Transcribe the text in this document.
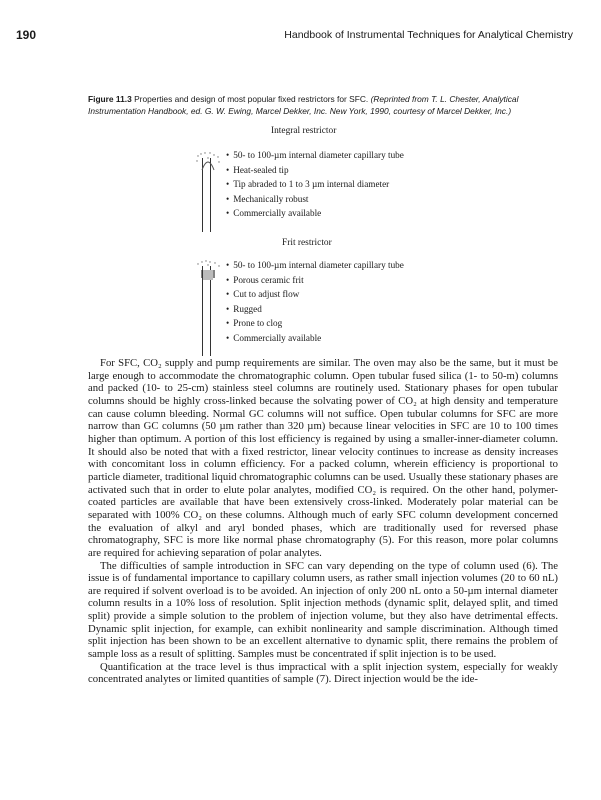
190	Handbook of Instrumental Techniques for Analytical Chemistry
Figure 11.3 Properties and design of most popular fixed restrictors for SFC. (Reprinted from T. L. Chester, Analytical Instrumentation Handbook, ed. G. W. Ewing, Marcel Dekker, Inc. New York, 1990, courtesy of Marcel Dekker, Inc.)
Integral restrictor
• 50- to 100-µm internal diameter capillary tube
• Heat-sealed tip
• Tip abraded to 1 to 3 µm internal diameter
• Mechanically robust
• Commercially available
Frit restrictor
• 50- to 100-µm internal diameter capillary tube
• Porous ceramic frit
• Cut to adjust flow
• Rugged
• Prone to clog
• Commercially available

For SFC, CO₂ supply and pump requirements are similar. The oven may also be the same, but it must be large enough to accommodate the chromatographic column. Open tubular fused silica (1- to 50-m) columns and packed (10- to 25-cm) stainless steel columns are routinely used. Stationary phases for open tubular columns should be highly cross-linked because the solvating power of CO₂ at high density and temperature can cause column bleeding. Normal GC columns will not suffice. Open tubular columns for SFC are more narrow than GC columns (50 µm rather than 320 µm) because linear velocities in SFC are 10 to 100 times higher than optimum. A portion of this lost efficiency is regained by using a smaller-inner-diameter column. It should also be noted that with a fixed restrictor, linear velocity continues to increase as density increases with concomitant loss in column efficiency. For a packed column, wherein efficiency is proportional to particle diameter, traditional liquid chromatographic columns can be used. Usually these stationary phases are activated such that in order to elute polar analytes, modified CO₂ is required. On the other hand, polymer-coated particles are available that have been extensively cross-linked. Moderately polar material can be separated with 100% CO₂ on these columns. Although much of early SFC column development concerned the evaluation of alkyl and aryl bonded phases, which are traditionally used for reversed phase chromatography, SFC is more like normal phase chromatography (5). For this reason, more polar columns are required for achieving separation of polar analytes.

The difficulties of sample introduction in SFC can vary depending on the type of column used (6). The issue is of fundamental importance to capillary column users, as rather small injection volumes (20 to 60 nL) are required if solvent overload is to be avoided. An injection of only 200 nL onto a 50-µm internal diameter column results in a 10% loss of resolution. Split injection methods (dynamic split, delayed split, and timed split) provide a simple solution to the problem of injection volume, but they also have detrimental effects. Dynamic split injection, for example, can exhibit nonlinearity and sample discrimination. Although timed split injection has been shown to be an excellent alternative to dynamic split, there remains the problem of sample loss as a result of splitting. Samples must be concentrated if split injection is to be used.

Quantification at the trace level is thus impractical with a split injection system, especially for weakly concentrated analytes or limited quantities of sample (7). Direct injection would be the ide-
